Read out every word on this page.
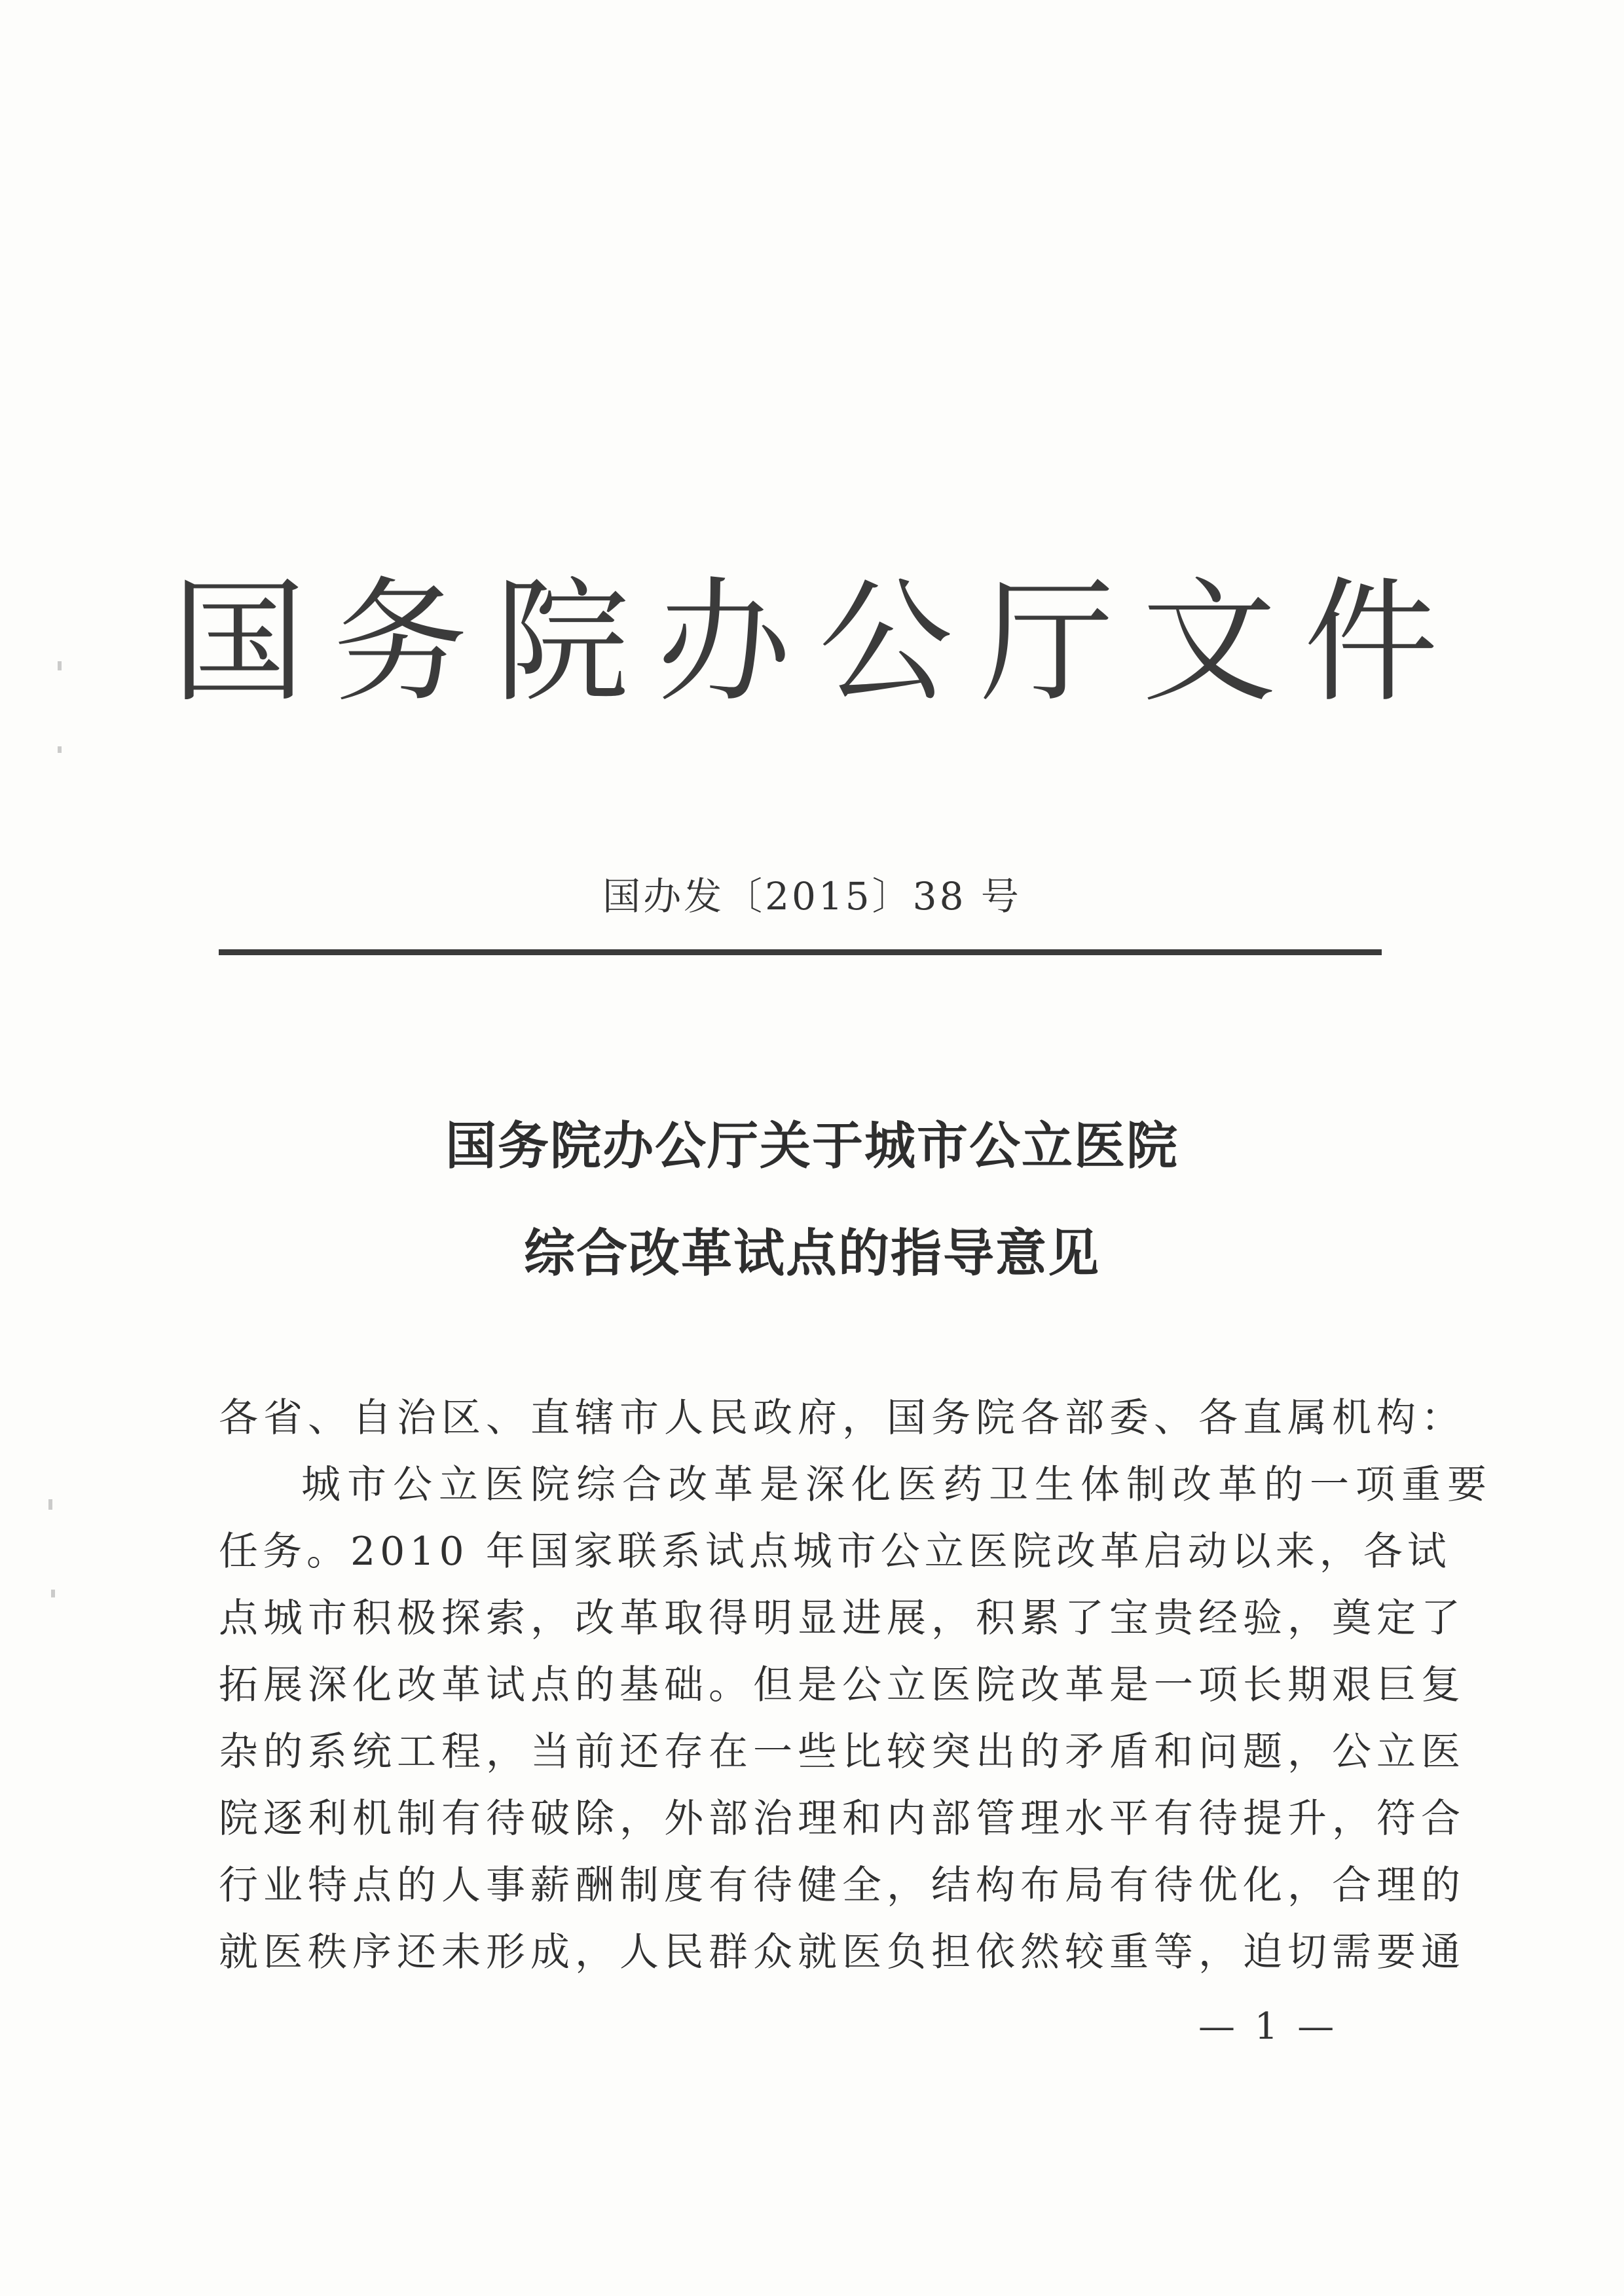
国务院办公厅文件
国办发〔2015〕38 号
国务院办公厅关于城市公立医院
综合改革试点的指导意见
各省、自治区、直辖市人民政府，国务院各部委、各直属机构：
城市公立医院综合改革是深化医药卫生体制改革的一项重要
任务。2010 年国家联系试点城市公立医院改革启动以来，各试
点城市积极探索，改革取得明显进展，积累了宝贵经验，奠定了
拓展深化改革试点的基础。但是公立医院改革是一项长期艰巨复
杂的系统工程，当前还存在一些比较突出的矛盾和问题，公立医
院逐利机制有待破除，外部治理和内部管理水平有待提升，符合
行业特点的人事薪酬制度有待健全，结构布局有待优化，合理的
就医秩序还未形成，人民群众就医负担依然较重等，迫切需要通
— 1 —
